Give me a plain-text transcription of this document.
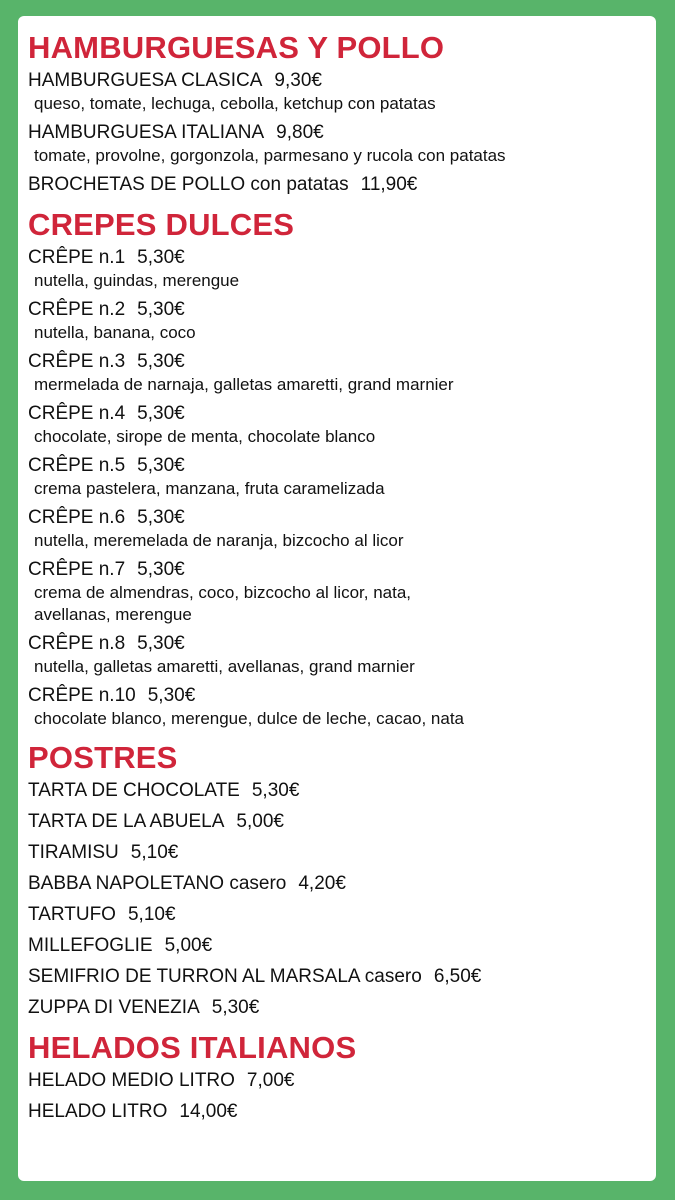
HAMBURGUESAS Y POLLO
HAMBURGUESA CLASICA 9,30€
queso, tomate, lechuga, cebolla, ketchup con patatas
HAMBURGUESA ITALIANA 9,80€
tomate, provolne, gorgonzola, parmesano y rucola con patatas
BROCHETAS DE POLLO con patatas 11,90€
CREPES DULCES
CRÊPE n.1 5,30€
nutella, guindas, merengue
CRÊPE n.2 5,30€
nutella, banana, coco
CRÊPE n.3 5,30€
mermelada de narnaja, galletas amaretti, grand marnier
CRÊPE n.4 5,30€
chocolate, sirope de menta, chocolate blanco
CRÊPE n.5 5,30€
crema pastelera, manzana, fruta caramelizada
CRÊPE n.6 5,30€
nutella, meremelada de naranja, bizcocho al licor
CRÊPE n.7 5,30€
crema de almendras, coco, bizcocho al licor, nata,
avellanas, merengue
CRÊPE n.8 5,30€
nutella, galletas amaretti, avellanas, grand marnier
CRÊPE n.10 5,30€
chocolate blanco, merengue, dulce de leche, cacao, nata
POSTRES
TARTA DE CHOCOLATE 5,30€
TARTA DE LA ABUELA 5,00€
TIRAMISU 5,10€
BABBA NAPOLETANO casero 4,20€
TARTUFO 5,10€
MILLEFOGLIE 5,00€
SEMIFRIO DE TURRON AL MARSALA casero 6,50€
ZUPPA DI VENEZIA 5,30€
HELADOS ITALIANOS
HELADO MEDIO LITRO 7,00€
HELADO LITRO 14,00€
